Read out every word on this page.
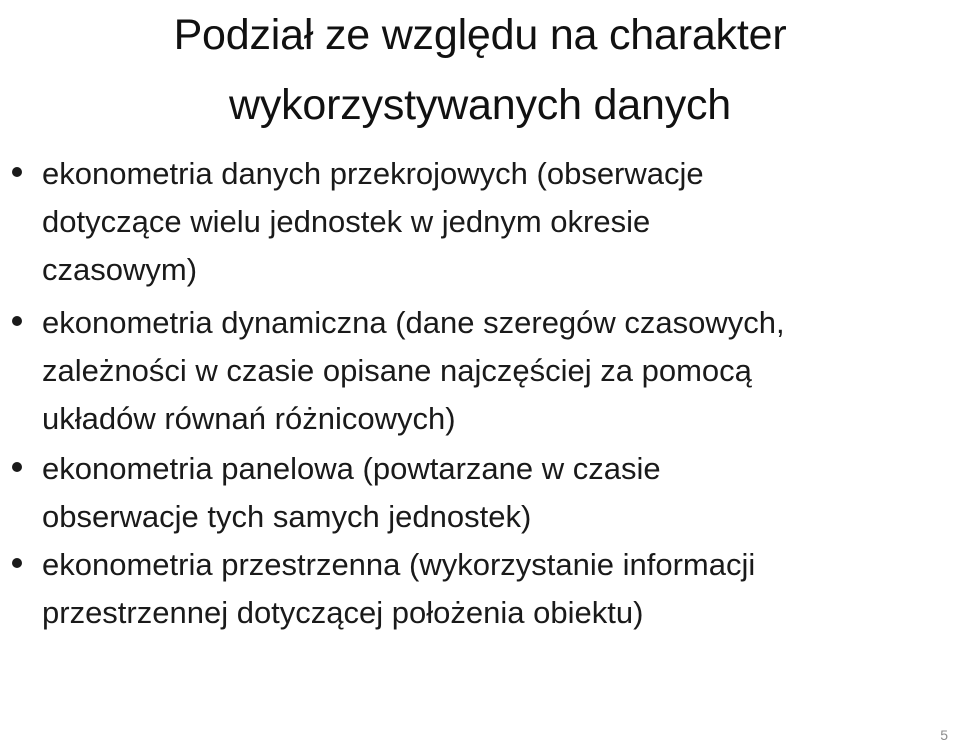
Podział ze względu na charakter
wykorzystywanych danych
ekonometria danych przekrojowych (obserwacje
dotyczące wielu jednostek w jednym okresie
czasowym)
ekonometria dynamiczna (dane szeregów czasowych,
zależności w czasie opisane najczęściej za pomocą
układów równań różnicowych)
ekonometria panelowa (powtarzane w czasie
obserwacje tych samych jednostek)
ekonometria przestrzenna (wykorzystanie informacji
przestrzennej dotyczącej położenia obiektu)
5
